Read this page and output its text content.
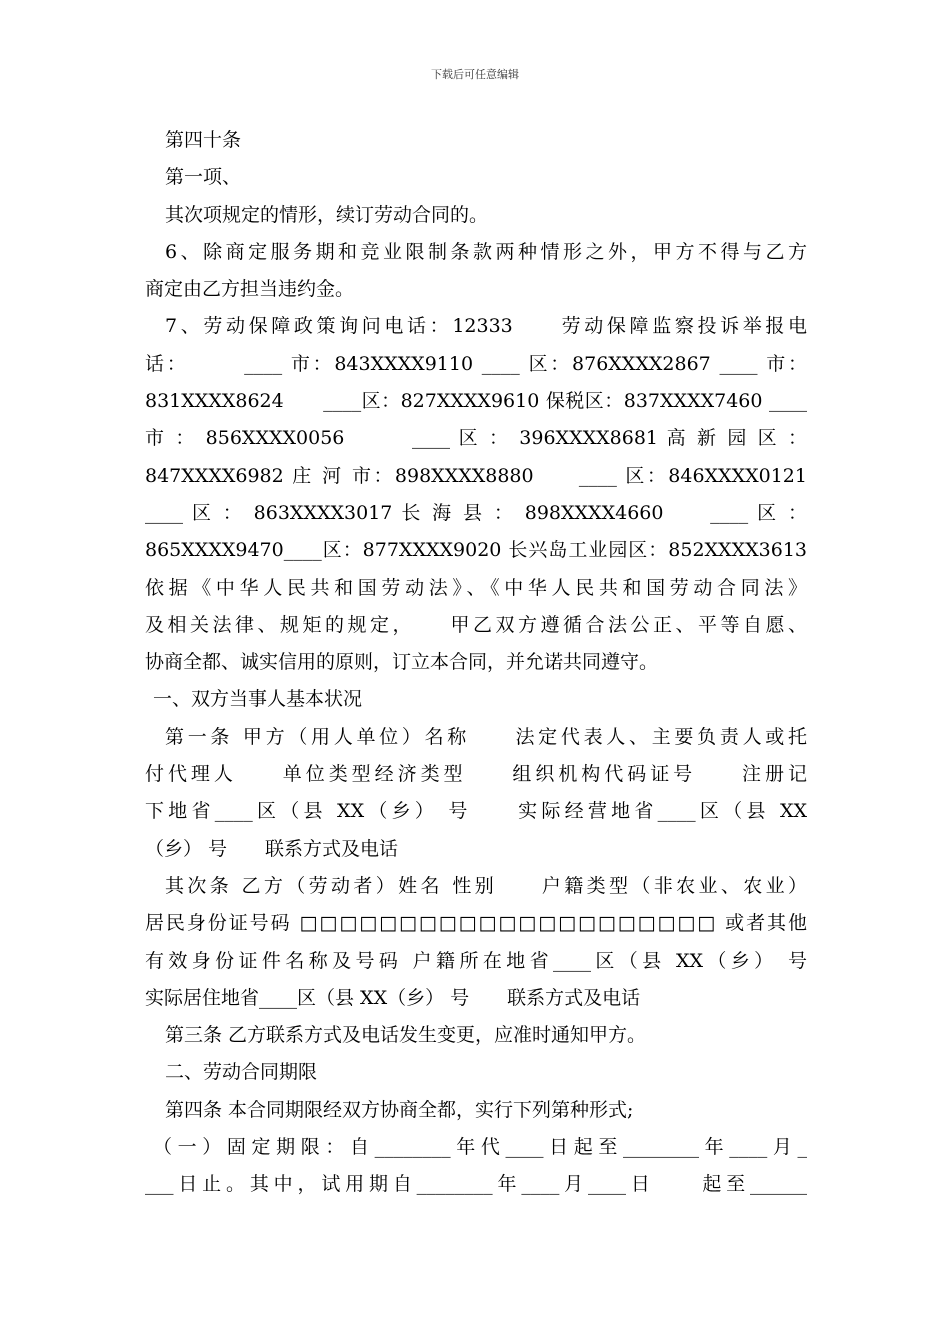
下载后可任意编辑
第四十条
第一项、
其次项规定的情形，续订劳动合同的。
6、除商定服务期和竞业限制条款两种情形之外，甲方不得与乙方
商定由乙方担当违约金。
7、劳动保障政策询问电话：12333　　劳动保障监察投诉举报电
话：　　　____ 市：843XXXX9110 ____ 区：876XXXX2867 ____ 市：
831XXXX8624　　____区：827XXXX9610 保税区：837XXXX7460 ____
市 ： 856XXXX0056　　　____ 区 ： 396XXXX8681 高 新 园 区 ：
847XXXX6982 庄 河 市：898XXXX8880　　____ 区：846XXXX0121
____ 区 ： 863XXXX3017 长 海 县 ： 898XXXX4660　　____ 区 ：
865XXXX9470____区：877XXXX9020 长兴岛工业园区：852XXXX3613
依据《中华人民共和国劳动法》、《中华人民共和国劳动合同法》
及相关法律、规矩的规定，　　甲乙双方遵循合法公正、平等自愿、
协商全都、诚实信用的原则，订立本合同，并允诺共同遵守。
一、双方当事人基本状况
第一条 甲方（用人单位）名称　　法定代表人、主要负责人或托
付代理人　　单位类型经济类型　　组织机构代码证号　　注册记
下地省____区（县 XX（乡） 号　　实际经营地省____区（县 XX
（乡） 号　　联系方式及电话
其次条 乙方（劳动者）姓名 性别　　户籍类型（非农业、农业）
居民身份证号码 □□□□□□□□□□□□□□□□□□□□□ 或者其他
有效身份证件名称及号码 户籍所在地省____区（县 XX（乡） 号
实际居住地省____区（县 XX（乡） 号　　联系方式及电话
第三条 乙方联系方式及电话发生变更，应准时通知甲方。
二、劳动合同期限
第四条 本合同期限经双方协商全都，实行下列第种形式;
（一）固定期限：自________年代____日起至________年____月_
___日止。其中，试用期自________年____月____日　　起至______
